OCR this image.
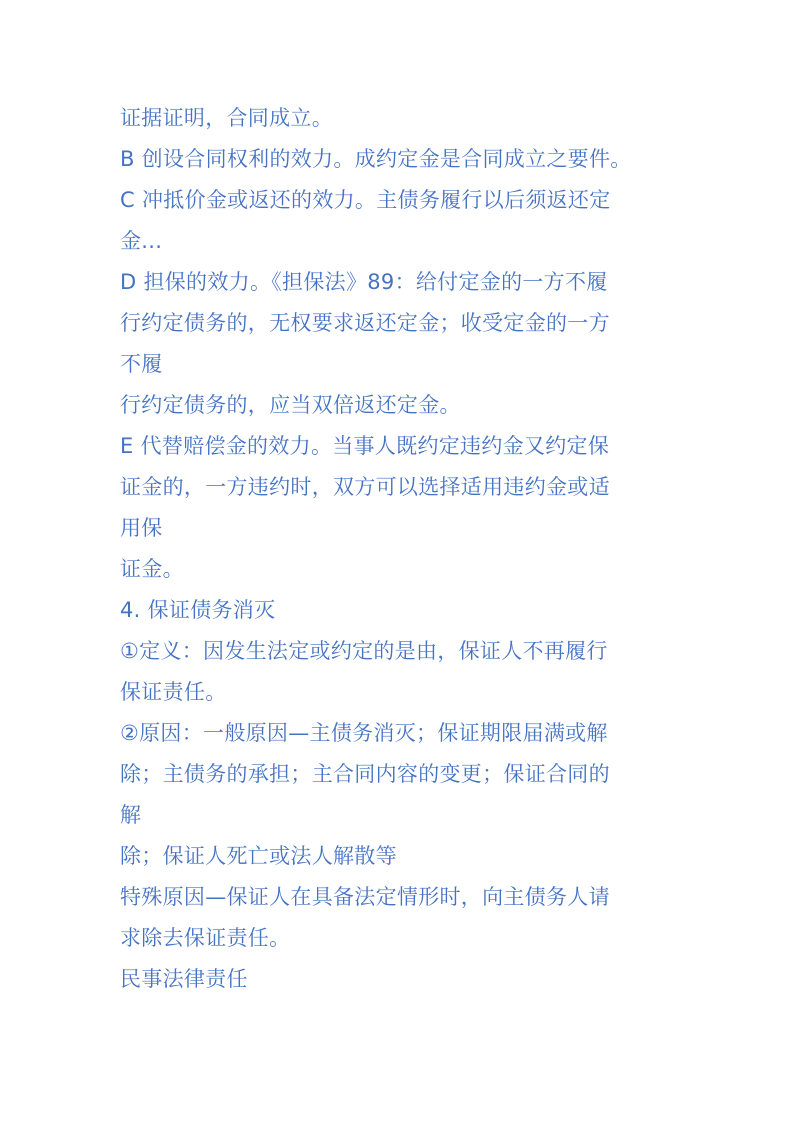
证据证明，合同成立。
B 创设合同权利的效力。成约定金是合同成立之要件。
C 冲抵价金或返还的效力。主债务履行以后须返还定
金...
D 担保的效力。《担保法》89：给付定金的一方不履
行约定债务的，无权要求返还定金；收受定金的一方
不履
行约定债务的，应当双倍返还定金。
E 代替赔偿金的效力。当事人既约定违约金又约定保
证金的，一方违约时，双方可以选择适用违约金或适
用保
证金。
4. 保证债务消灭
①定义：因发生法定或约定的是由，保证人不再履行
保证责任。
②原因：一般原因—主债务消灭；保证期限届满或解
除；主债务的承担；主合同内容的变更；保证合同的
解
除；保证人死亡或法人解散等
特殊原因—保证人在具备法定情形时，向主债务人请
求除去保证责任。
民事法律责任
